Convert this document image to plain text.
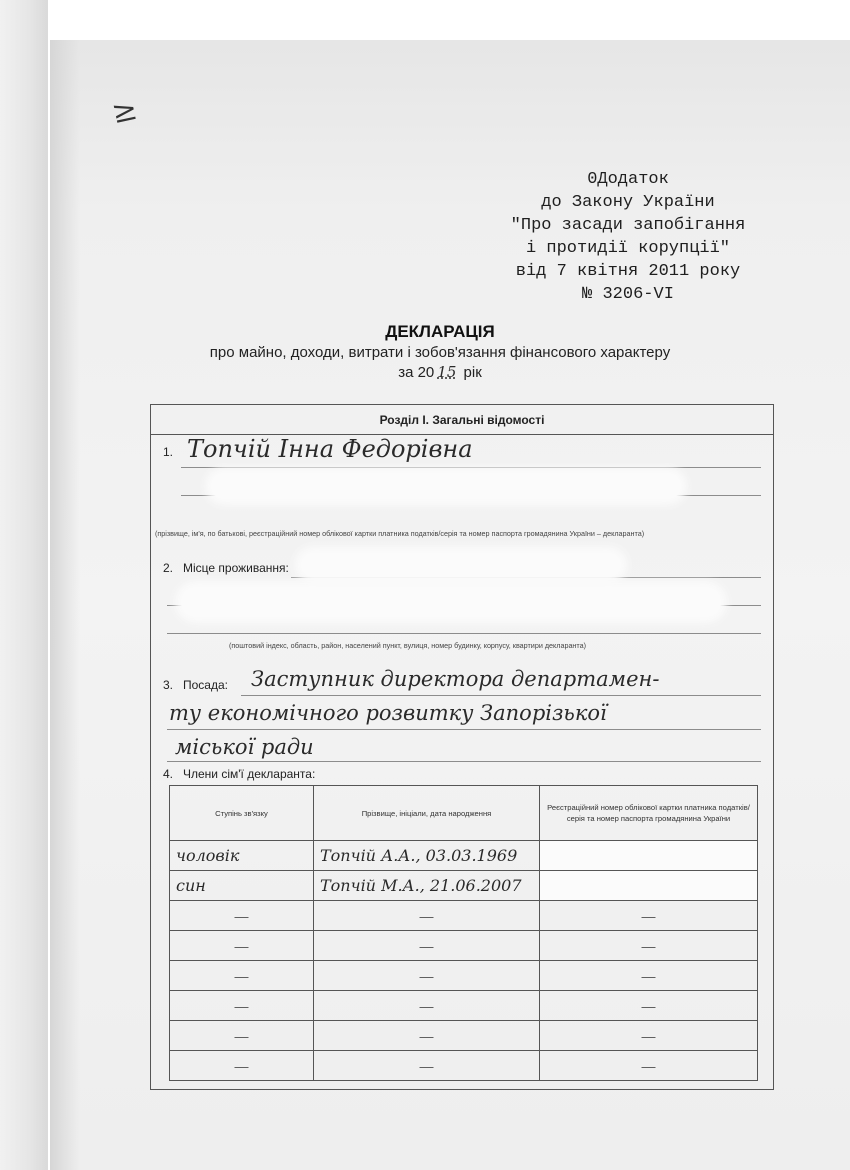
≥
0Додаток
до Закону України
"Про засади запобігання
і протидії корупції"
від 7 квітня 2011 року
№ 3206-VI
ДЕКЛАРАЦІЯ
про майно, доходи, витрати і зобов'язання фінансового характеру
за 20 15 рік
Розділ І. Загальні відомості
1. Топчій Інна Федорівна
(прізвище, ім'я, по батькові, реєстраційний номер облікової картки платника податків/серія та номер паспорта громадянина України – декларанта)
2. Місце проживання:
(поштовий індекс, область, район, населений пункт, вулиця, номер будинку, корпусу, квартири декларанта)
3. Посада: Заступник директора департамен-
ту економічного розвитку Запорізької
міської ради
4. Члени сім'ї декларанта:
Ступінь зв'язку	Прізвище, ініціали, дата народження	Реєстраційний номер облікової картки платника податків/ серія та номер паспорта громадянина України
чоловік	Топчій А.А., 03.03.1969	
син	Топчій М.А., 21.06.2007	
—	—	—
—	—	—
—	—	—
—	—	—
—	—	—
—	—	—
